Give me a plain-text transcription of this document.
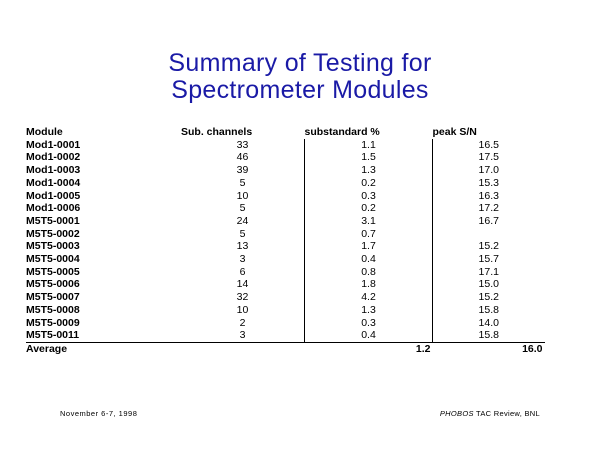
Summary of Testing for
Spectrometer Modules
Module	Sub. channels	substandard %	peak S/N
Mod1-0001	33	1.1	16.5
Mod1-0002	46	1.5	17.5
Mod1-0003	39	1.3	17.0
Mod1-0004	5	0.2	15.3
Mod1-0005	10	0.3	16.3
Mod1-0006	5	0.2	17.2
M5T5-0001	24	3.1	16.7
M5T5-0002	5	0.7	
M5T5-0003	13	1.7	15.2
M5T5-0004	3	0.4	15.7
M5T5-0005	6	0.8	17.1
M5T5-0006	14	1.8	15.0
M5T5-0007	32	4.2	15.2
M5T5-0008	10	1.3	15.8
M5T5-0009	2	0.3	14.0
M5T5-0011	3	0.4	15.8
Average		1.2	16.0
November 6-7, 1998	PHOBOS TAC Review, BNL
